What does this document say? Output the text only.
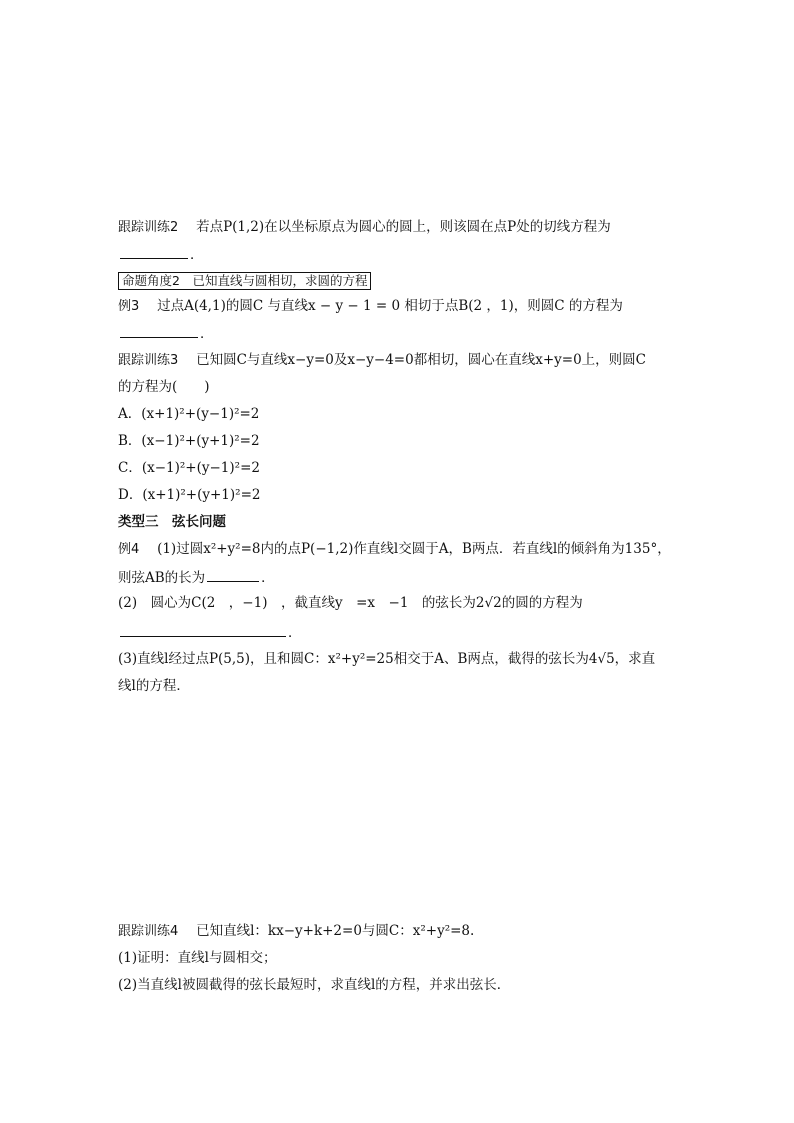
跟踪训练2　 若点P(1,2)在以坐标原点为圆心的圆上，则该圆在点P处的切线方程为
．
命题角度2　已知直线与圆相切，求圆的方程
例3　 过点A(4,1)的圆C 与直线x − y − 1 = 0 相切于点B(2 ，1)，则圆C 的方程为
．
跟踪训练3　 已知圆C与直线x−y=0及x−y−4=0都相切，圆心在直线x+y=0上，则圆C
的方程为(　　)
A．(x+1)²+(y−1)²=2
B．(x−1)²+(y+1)²=2
C．(x−1)²+(y−1)²=2
D．(x+1)²+(y+1)²=2
类型三　弦长问题
例4　 (1)过圆x²+y²=8内的点P(−1,2)作直线l交圆于A，B两点．若直线l的倾斜角为135°，
则弦AB的长为	．
(2)　圆心为C(2　，−1)　，截直线y　=x　−1　的弦长为2√2的圆的方程为
．
(3)直线l经过点P(5,5)，且和圆C：x²+y²=25相交于A、B两点，截得的弦长为4√5，求直
线l的方程．
跟踪训练4　 已知直线l：kx−y+k+2=0与圆C：x²+y²=8.
(1)证明：直线l与圆相交；
(2)当直线l被圆截得的弦长最短时，求直线l的方程，并求出弦长．
